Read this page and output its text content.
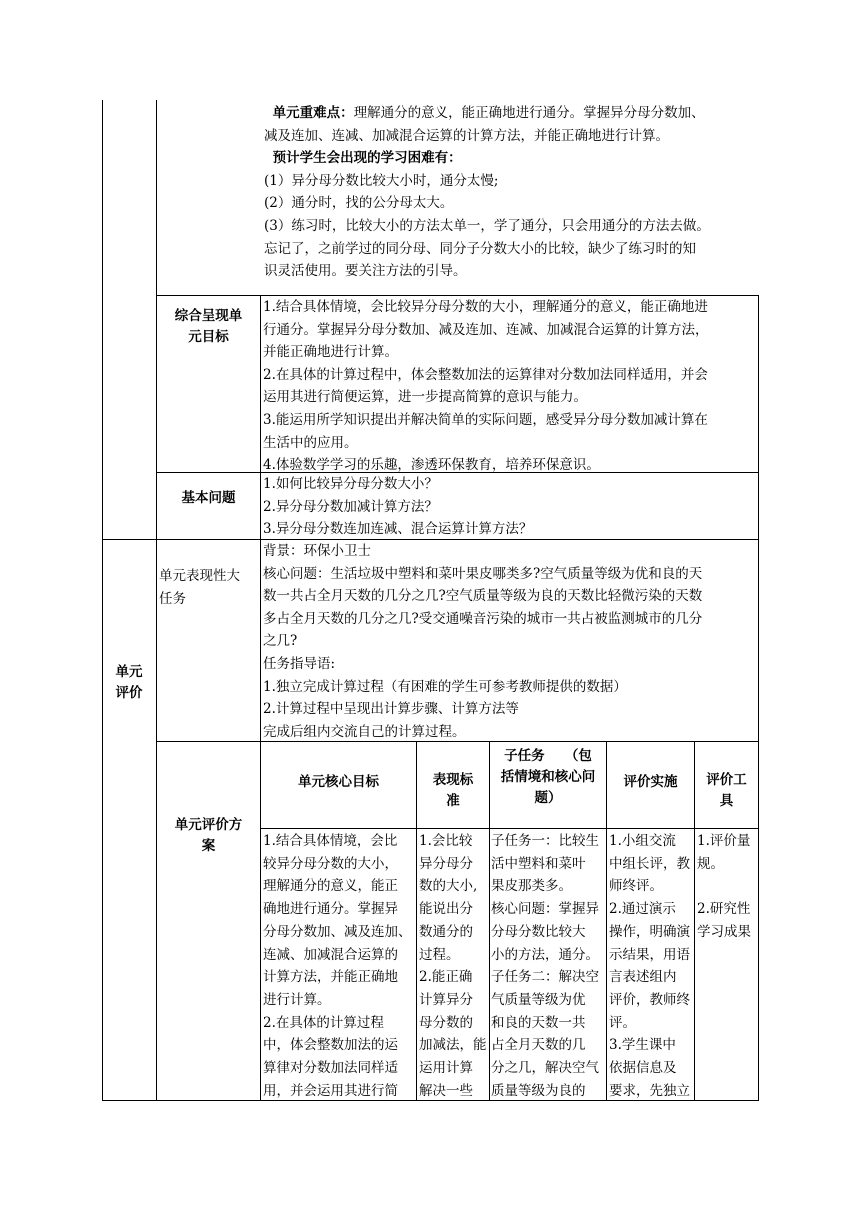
单元重难点：理解通分的意义，能正确地进行通分。掌握异分母分数加、

减及连加、连减、加减混合运算的计算方法，并能正确地进行计算。

预计学生会出现的学习困难有：

(1）异分母分数比较大小时，通分太慢;

(2）通分时，找的公分母太大。

(3）练习时，比较大小的方法太单一，学了通分，只会用通分的方法去做。

忘记了，之前学过的同分母、同分子分数大小的比较，缺少了练习时的知

识灵活使用。要关注方法的引导。

综合呈现单

元目标

1.结合具体情境，会比较异分母分数的大小，理解通分的意义，能正确地进

行通分。掌握异分母分数加、减及连加、连减、加减混合运算的计算方法，

并能正确地进行计算。

2.在具体的计算过程中，体会整数加法的运算律对分数加法同样适用，并会

运用其进行简便运算，进一步提高简算的意识与能力。

3.能运用所学知识提出并解决简单的实际问题，感受异分母分数加减计算在

生活中的应用。

4.体验数学学习的乐趣，渗透环保教育，培养环保意识。

基本问题

1.如何比较异分母分数大小？

2.异分母分数加减计算方法？

3.异分母分数连加连减、混合运算计算方法？

单元

评价

单元表现性大

任务

背景：环保小卫士

核心问题：生活垃圾中塑料和菜叶果皮哪类多?空气质量等级为优和良的天

数一共占全月天数的几分之几?空气质量等级为良的天数比轻微污染的天数

多占全月天数的几分之几?受交通噪音污染的城市一共占被监测城市的几分

之几?

任务指导语:

1.独立完成计算过程（有困难的学生可参考教师提供的数据）

2.计算过程中呈现出计算步骤、计算方法等

完成后组内交流自己的计算过程。

单元评价方

案

单元核心目标	表现标

准

子任务　　（包

括情境和核心问

题）

评价实施	评价工

具

1.结合具体情境，会比

较异分母分数的大小，

理解通分的意义，能正

确地进行通分。掌握异

分母分数加、减及连加、

连减、加减混合运算的

计算方法，并能正确地

进行计算。

2.在具体的计算过程

中，体会整数加法的运

算律对分数加法同样适

用，并会运用其进行简

1.会比较

异分母分

数的大小,

能说出分

数通分的

过程。

2.能正确

计算异分

母分数的

加减法，能

运用计算

解决一些

子任务一：比较生

活中塑料和菜叶

果皮那类多。

核心问题：掌握异

分母分数比较大

小的方法，通分。

子任务二：解决空

气质量等级为优

和良的天数一共

占全月天数的几

分之几，解决空气

质量等级为良的

1.小组交流

中组长评，教

师终评。

2.通过演示

操作，明确演

示结果，用语

言表述组内

评价，教师终

评。

3.学生课中

依据信息及

要求，先独立

1.评价量

规。

2.研究性

学习成果
